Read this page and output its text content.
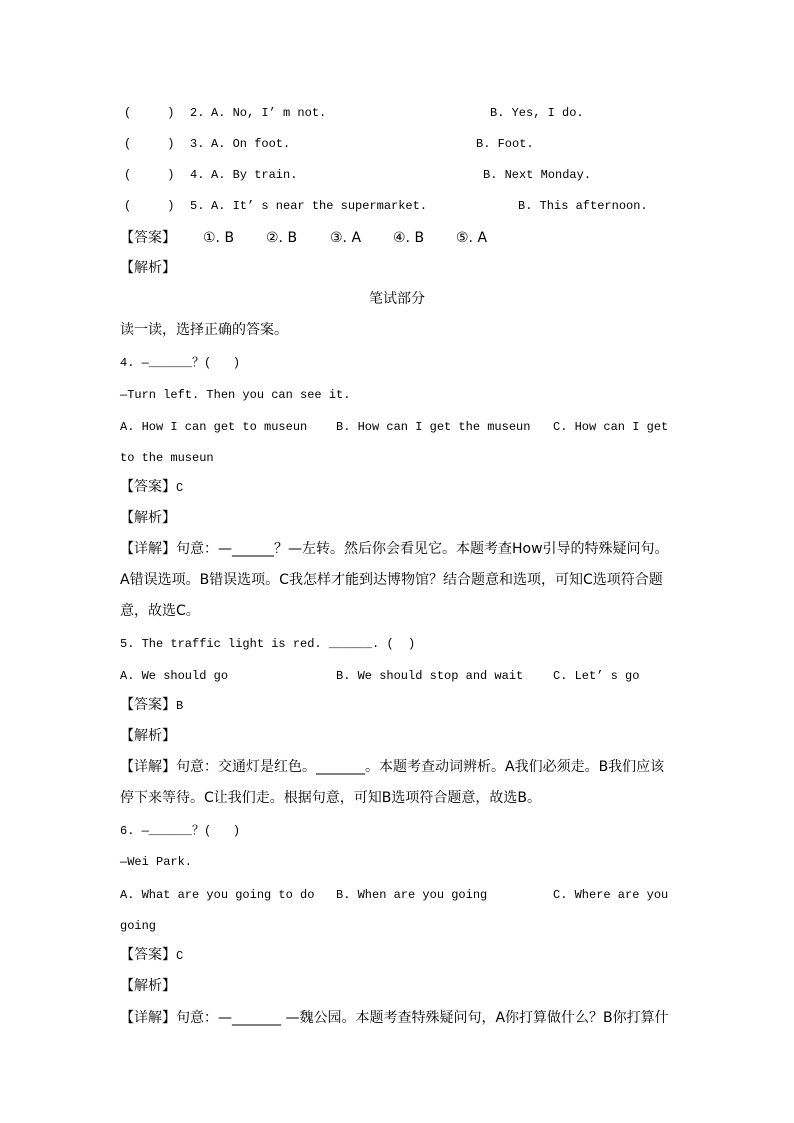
(     ) 2. A. No, I’ m not.	B. Yes, I do.
(     ) 3. A. On foot.	B. Foot.
(     ) 4. A. By train.	B. Next Monday.
(     ) 5. A. It’ s near the supermarket.	B. This afternoon.
【答案】 ①. B ②. B ③. A ④. B ⑤. A
【解析】
笔试部分
读一读，选择正确的答案。
4. —______？(   )
—Turn left. Then you can see it.
A. How I can get to museun B. How can I get the museun C. How can I get
to the museun
【答案】C
【解析】
【详解】句意：—______？—左转。然后你会看见它。本题考查How引导的特殊疑问句。
A错误选项。B错误选项。C我怎样才能到达博物馆？结合题意和选项，可知C选项符合题
意，故选C。
5. The traffic light is red. ______. (  )
A. We should go	B. We should stop and wait C. Let’ s go
【答案】B
【解析】
【详解】句意：交通灯是红色。_______。本题考查动词辨析。A我们必须走。B我们应该
停下来等待。C让我们走。根据句意，可知B选项符合题意，故选B。
6. —______？(   )
—Wei Park.
A. What are you going to do B. When are you going	C. Where are you
going
【答案】C
【解析】
【详解】句意：—_______ —魏公园。本题考查特殊疑问句，A你打算做什么？B你打算什
